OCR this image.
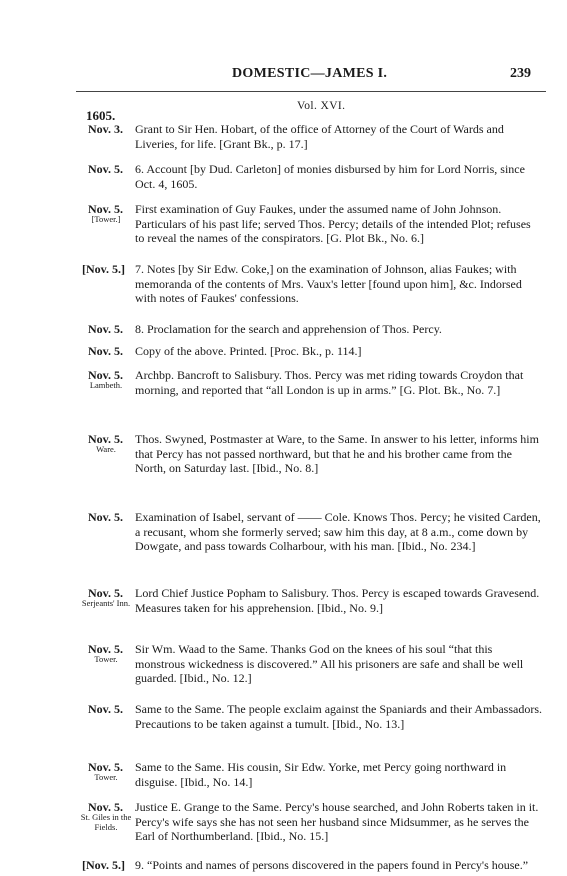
DOMESTIC—JAMES I.	239
Vol. XVI.
1605.
Nov. 3. Grant to Sir Hen. Hobart, of the office of Attorney of the Court of Wards and Liveries, for life. [Grant Bk., p. 17.]
Nov. 5. 6. Account [by Dud. Carleton] of monies disbursed by him for Lord Norris, since Oct. 4, 1605.
Nov. 5.
[Tower.]
First examination of Guy Faukes, under the assumed name of John Johnson. Particulars of his past life; served Thos. Percy; details of the intended Plot; refuses to reveal the names of the conspirators. [G. Plot Bk., No. 6.]
[Nov. 5.] 7. Notes [by Sir Edw. Coke,] on the examination of Johnson, alias Faukes; with memoranda of the contents of Mrs. Vaux's letter [found upon him], &c. Indorsed with notes of Faukes' confessions.
Nov. 5. 8. Proclamation for the search and apprehension of Thos. Percy.
Nov. 5. Copy of the above. Printed. [Proc. Bk., p. 114.]
Nov. 5.
Lambeth.
Archbp. Bancroft to Salisbury. Thos. Percy was met riding towards Croydon that morning, and reported that “all London is up in arms.” [G. Plot. Bk., No. 7.]
Nov. 5.
Ware.
Thos. Swyned, Postmaster at Ware, to the Same. In answer to his letter, informs him that Percy has not passed northward, but that he and his brother came from the North, on Saturday last. [Ibid., No. 8.]
Nov. 5. Examination of Isabel, servant of —— Cole. Knows Thos. Percy; he visited Carden, a recusant, whom she formerly served; saw him this day, at 8 a.m., come down by Dowgate, and pass towards Colharbour, with his man. [Ibid., No. 234.]
Nov. 5.
Serjeants' Inn.
Lord Chief Justice Popham to Salisbury. Thos. Percy is escaped towards Gravesend. Measures taken for his apprehension. [Ibid., No. 9.]
Nov. 5.
Tower.
Sir Wm. Waad to the Same. Thanks God on the knees of his soul “that this monstrous wickedness is discovered.” All his prisoners are safe and shall be well guarded. [Ibid., No. 12.]
Nov. 5. Same to the Same. The people exclaim against the Spaniards and their Ambassadors. Precautions to be taken against a tumult. [Ibid., No. 13.]
Nov. 5.
Tower.
Same to the Same. His cousin, Sir Edw. Yorke, met Percy going northward in disguise. [Ibid., No. 14.]
Nov. 5.
St. Giles in the Fields.
Justice E. Grange to the Same. Percy's house searched, and John Roberts taken in it. Percy's wife says she has not seen her husband since Midsummer, as he serves the Earl of Northumberland. [Ibid., No. 15.]
[Nov. 5.] 9. “Points and names of persons discovered in the papers found in Percy's house.”
